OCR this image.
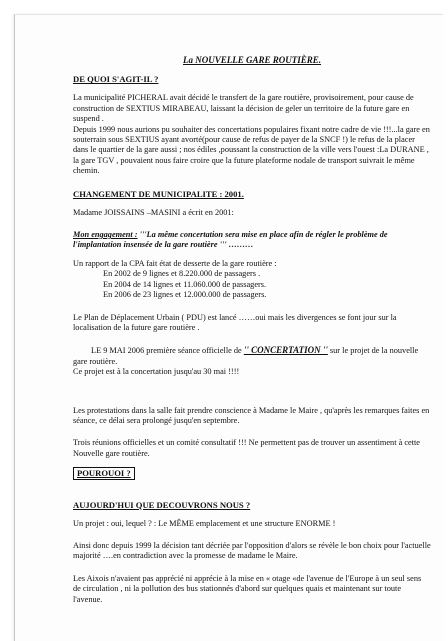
La NOUVELLE GARE ROUTIÈRE.
DE QUOI S'AGIT-IL ?

La municipalité PICHERAL avait décidé le transfert de la gare routière, provisoirement, pour cause de construction de SEXTIUS MIRABEAU, laissant la décision de geler un territoire de la future gare en suspend .

Depuis 1999 nous aurions pu souhaiter des concertations populaires fixant notre cadre de vie !!!...la gare en souterrain sous SEXTIUS ayant avorté(pour cause de refus de payer de la SNCF !) le refus de la placer dans le quartier de la gare aussi ; nos édiles ,poussant la construction de la ville vers l'ouest :La DURANE , la gare TGV , pouvaient nous faire croire que la future plateforme nodale de transport suivrait le même chemin.

CHANGEMENT DE MUNICIPALITE : 2001.

Madame JOISSAINS –MASINI a écrit en 2001:

Mon engagement : '''La même concertation sera mise en place afin de régler le problème de l'implantation insensée de la gare routière ''' ………

Un rapport de la CPA fait état de desserte de la gare routière :

En 2002 de 9 lignes et 8.220.000 de passagers .

En 2004 de 14 lignes et 11.060.000 de passagers.

En 2006 de 23 lignes et 12.000.000 de passagers.

Le Plan de Déplacement Urbain ( PDU) est lancé ……oui mais les divergences se font jour sur la localisation de la future gare routière .

LE 9 MAI 2006 première séance officielle de '' CONCERTATION '' sur le projet de la nouvelle gare routière.

Ce projet est à la concertation jusqu'au 30 mai !!!!

Les protestations dans la salle fait prendre conscience à Madame le Maire , qu'après les remarques faites en séance, ce délai sera prolongé jusqu'en septembre.

Trois réunions officielles et un comité consultatif !!! Ne permettent pas de trouver un assentiment à cette Nouvelle gare routière.

POUROUOI ?
AUJOURD'HUI QUE DECOUVRONS NOUS ?

Un projet : oui, lequel ? : Le MÊME emplacement et une structure ENORME !

Ainsi donc depuis 1999 la décision tant décriée par l'opposition d'alors se révèle le bon choix pour l'actuelle majorité ….en contradiction avec la promesse de madame le Maire.

Les Aixois n'avaient pas apprécié ni apprécie à la mise en « otage «de l'avenue de l'Europe à un seul sens de circulation , ni la pollution des bus stationnés d'abord sur quelques quais et maintenant sur toute l'avenue.
